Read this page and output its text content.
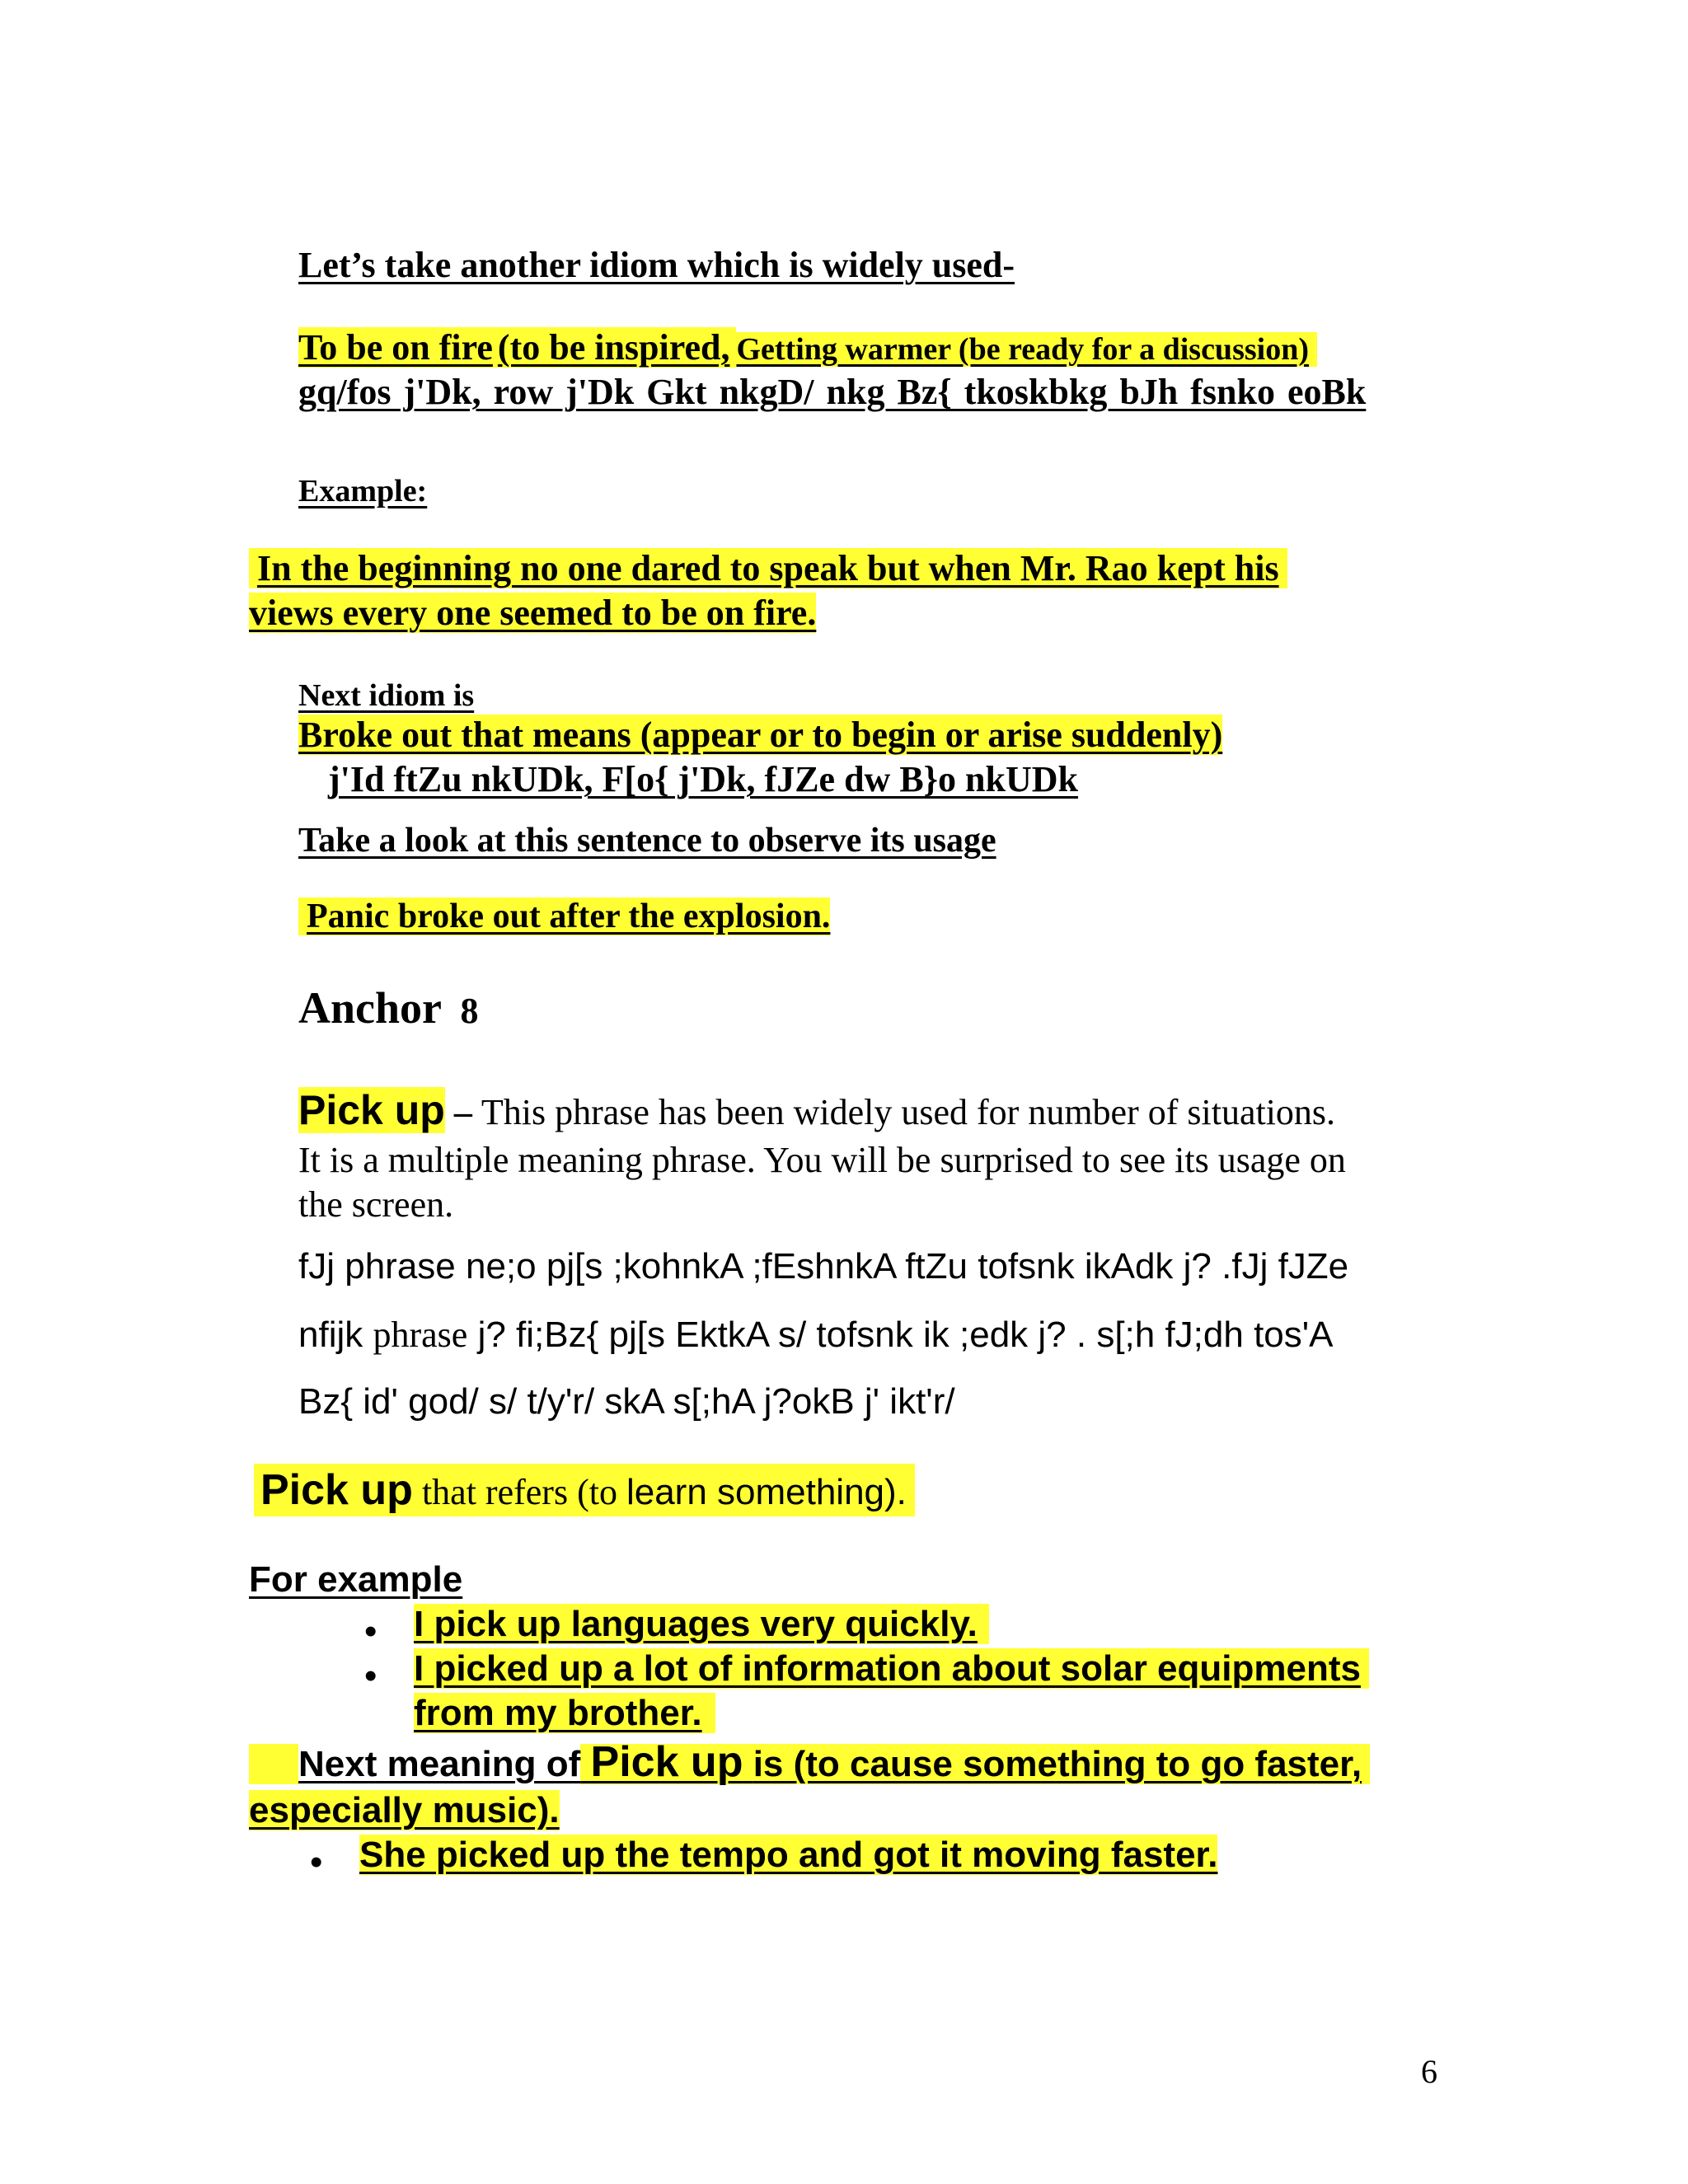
Let’s take another idiom which is widely used-
To be on fire (to be inspired, Getting warmer (be ready for a discussion)
gq/fos j'Dk, row j'Dk Gkt nkgD/ nkg Bz{ tkoskbkg bJh fsnko eoBk
Example:
In the beginning no one dared to speak but when Mr. Rao kept his
views every one seemed to be on fire.
Next idiom is
Broke out that means (appear or to begin or arise suddenly)
j'Id ftZu nkUDk, F[o{ j'Dk, fJZe dw B}o nkUDk
Take a look at this sentence to observe its usage
Panic broke out after the explosion.
Anchor 8
Pick up – This phrase has been widely used for number of situations.
It is a multiple meaning phrase. You will be surprised to see its usage on
the screen.
fJj phrase ne;o pj[s ;kohnkA ;fEshnkA ftZu tofsnk ikAdk j? .fJj fJZe
nfijk phrase j? fi;Bz{ pj[s EktkA s/ tofsnk ik ;edk j? . s[;h fJ;dh tos'A
Bz{ id' god/ s/ t/y'r/ skA s[;hA j?okB j' ikt'r/
Pick up that refers (to learn something).
For example
• I pick up languages very quickly.
• I picked up a lot of information about solar equipments
from my brother.
Next meaning of Pick up is (to cause something to go faster,
especially music).
• She picked up the tempo and got it moving faster.
6
